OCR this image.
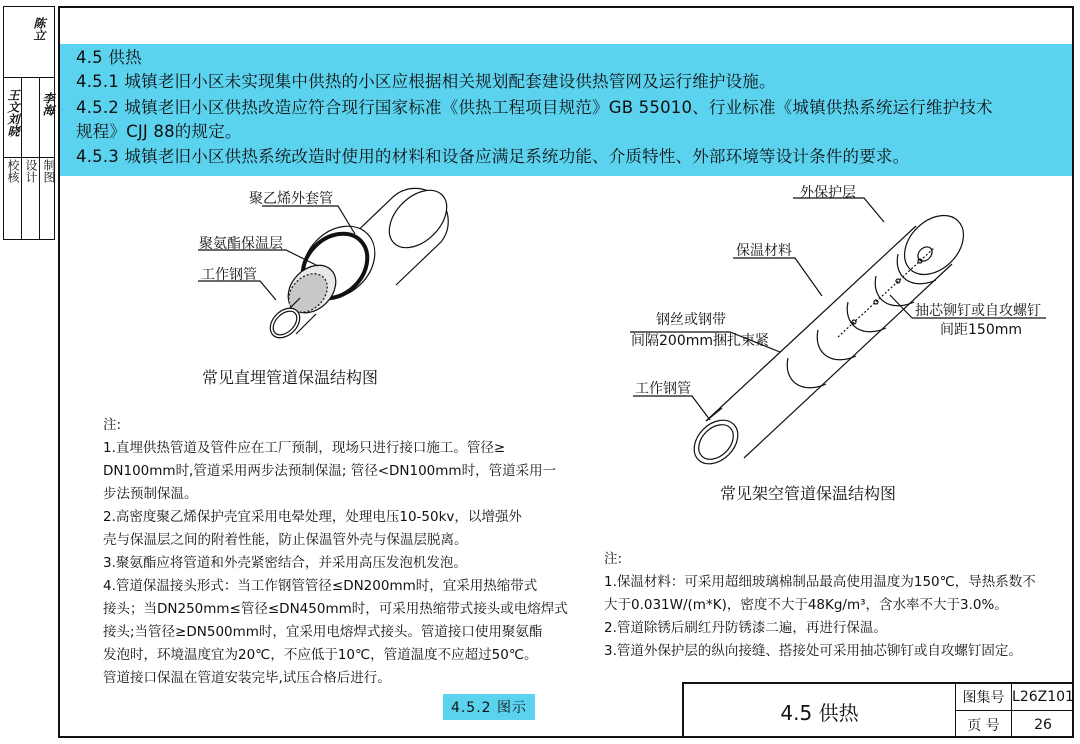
陈立
王文刘晓 李海
校核 设计 制图

4.5 供热

4.5.1 城镇老旧小区未实现集中供热的小区应根据相关规划配套建设供热管网及运行维护设施。

4.5.2 城镇老旧小区供热改造应符合现行国家标准《供热工程项目规范》GB 55010、行业标准《城镇供热系统运行维护技术

规程》CJJ 88的规定。

4.5.3 城镇老旧小区供热系统改造时使用的材料和设备应满足系统功能、介质特性、外部环境等设计条件的要求。

聚乙烯外套管
聚氨酯保温层
工作钢管
常见直埋管道保温结构图
外保护层
保温材料
抽芯铆钉或自攻螺钉
间距150mm
钢丝或钢带
间隔200mm捆扎束紧
工作钢管
常见架空管道保温结构图
注:
1.直埋供热管道及管件应在工厂预制，现场只进行接口施工。管径≥
DN100mm时,管道采用两步法预制保温; 管径<DN100mm时，管道采用一
步法预制保温。
2.高密度聚乙烯保护壳宜采用电晕处理，处理电压10-50kv，以增强外
壳与保温层之间的附着性能，防止保温管外壳与保温层脱离。
3.聚氨酯应将管道和外壳紧密结合，并采用高压发泡机发泡。
4.管道保温接头形式：当工作钢管管径≤DN200mm时，宜采用热缩带式
接头；当DN250mm≤管径≤DN450mm时，可采用热缩带式接头或电熔焊式
接头;当管径≥DN500mm时，宜采用电熔焊式接头。管道接口使用聚氨酯
发泡时，环境温度宜为20℃，不应低于10℃，管道温度不应超过50℃。
管道接口保温在管道安装完毕,试压合格后进行。
注:
1.保温材料：可采用超细玻璃棉制品最高使用温度为150℃，导热系数不
大于0.031W/(m*K)，密度不大于48Kg/m³，含水率不大于3.0%。
2.管道除锈后刷红丹防锈漆二遍，再进行保温。
3.管道外保护层的纵向接缝、搭接处可采用抽芯铆钉或自攻螺钉固定。
4.5.2 图示	4.5 供热
图集号 L26Z101
页 号	26
